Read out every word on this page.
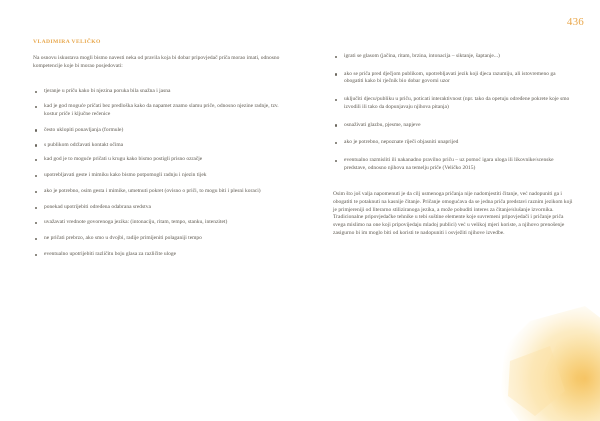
436
VLADIMIRA VELIČKO

Na osnovu iskustava mogli bismo navesti neka od pravila koja bi dobar pripovjedač priča morao imati, odnosno kompetencije koje bi morao posjedovati:

tjeranje u priču kako bi njezina poruka bila snažna i jasna
kad je god moguće pričati bez predloška kako da napamet znamo slamu priče, odnosno njezine radnje, tzv. kostur priče i ključne rečenice
često uklopiti ponavljanja (formule)
s publikom održavati kontakt očima
kad god je to moguće pričati u krugu kako bismo postigli prisno ozračje
upotrebljavati geste i mimiku kako bismo potpomogli radnju i njezin tijek
ako je potrebno, osim gesta i mimike, umetnuti pokret (ovisno o priči, to mogu biti i plesni koraci)
ponekad upotrijebiti određena odabrana sredstva
uvažavati vrednote govorenoga jezika: (intonaciju, ritam, tempo, stanku, intenzitet)
ne pričati prebrzo, ako smo u dvojbi, radije primijeniti polaganiji tempo
eventualno upotrijebiti različitu boju glasa za različite uloge
igrati se glasom (jačina, ritam, brzina, intonacija – siktanje, šaptanje...)
ako se priča pred dječjom publikom, upotrebljavati jezik koji djeca razumiju, ali istovremeno ga obogatiti kako bi rječnik bio dobar govorni uzor
uključiti djecu/publiku u priču, poticati interaktivnost (npr. tako da opetuju određene pokrete koje smo izvodili ili tako da dopunjavaju njihova pitanja)
osnaživati glazbu, pjesme, napjeve
ako je potrebno, nepoznate riječi objasniti unaprijed
eventualno razmisliti ili nakanadno pravilno priču – uz pomoć igara uloga ili likovnike/scenske predstave, odnosno njihova na temelju priče (Veličko 2015)

Osim što još valja napomenuti je da cilj usmenoga pričanja nije nadomjestiti čitanje, već nadopuniti ga i obogatiti te potaknuti na kasnije čitanje. Pričanje omogućava da se jedna priča predstavi raznim jezikom koji je primjereniji od literarno stiliziranoga jezika, a može pobuditi interes za čitanje/slušanje izvornika. Tradicionalne pripovjedačke tehnike u tebi suštine elemente koje suvremeni pripovjedači i pričanje priča svega mislimo na one koji pripovijedaju mladoj publici) već u velikoj mjeri koriste, a njihovo prenošenje zasigurno bi im moglo biti od koristi te nadopuniti i osvježiti njihove izvedbe.
